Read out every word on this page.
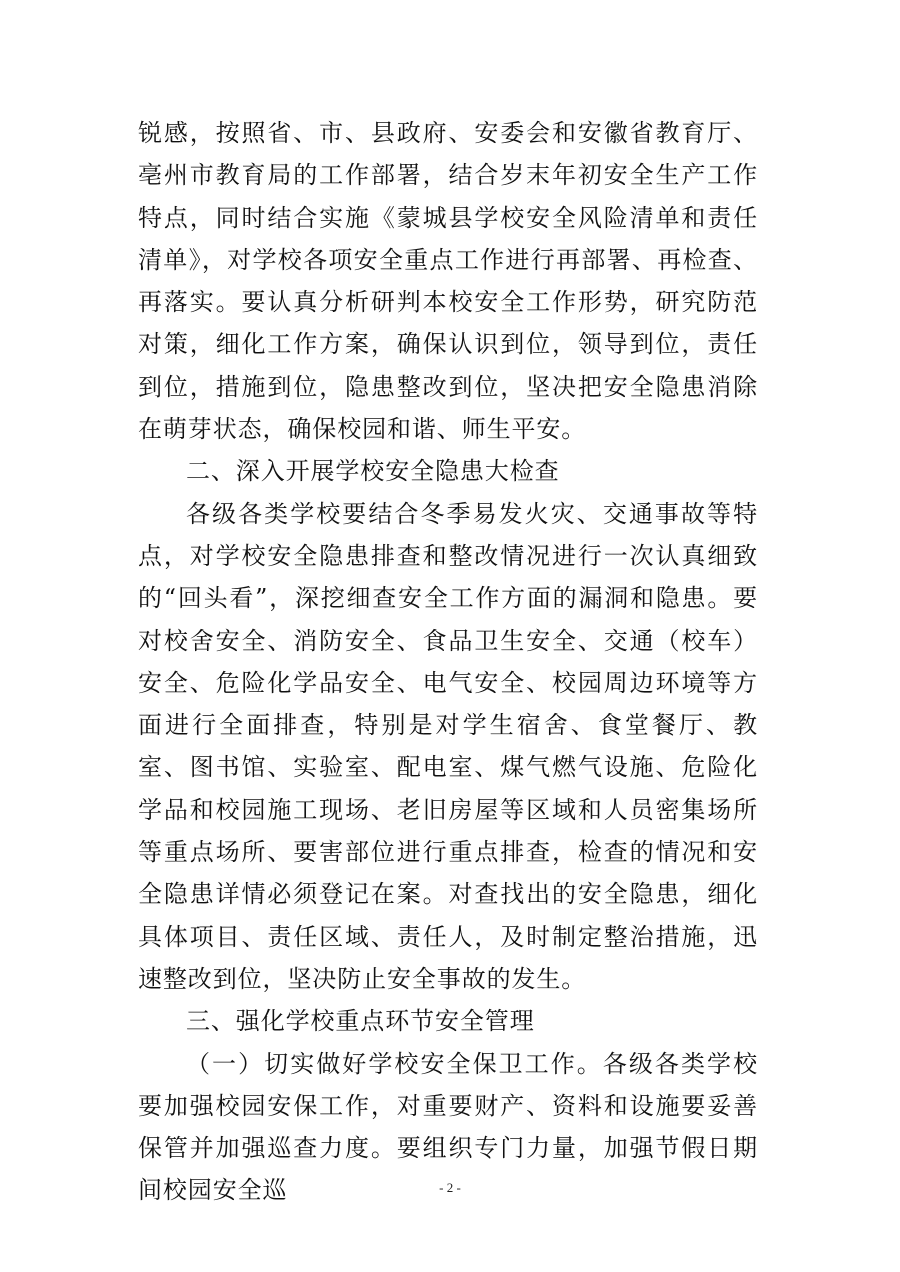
锐感，按照省、市、县政府、安委会和安徽省教育厅、亳州市教育局的工作部署，结合岁末年初安全生产工作特点，同时结合实施《蒙城县学校安全风险清单和责任清单》，对学校各项安全重点工作进行再部署、再检查、再落实。要认真分析研判本校安全工作形势，研究防范对策，细化工作方案，确保认识到位，领导到位，责任到位，措施到位，隐患整改到位，坚决把安全隐患消除在萌芽状态，确保校园和谐、师生平安。

二、深入开展学校安全隐患大检查

各级各类学校要结合冬季易发火灾、交通事故等特点，对学校安全隐患排查和整改情况进行一次认真细致的“回头看”，深挖细查安全工作方面的漏洞和隐患。要对校舍安全、消防安全、食品卫生安全、交通（校车）安全、危险化学品安全、电气安全、校园周边环境等方面进行全面排查，特别是对学生宿舍、食堂餐厅、教室、图书馆、实验室、配电室、煤气燃气设施、危险化学品和校园施工现场、老旧房屋等区域和人员密集场所等重点场所、要害部位进行重点排查，检查的情况和安全隐患详情必须登记在案。对查找出的安全隐患，细化具体项目、责任区域、责任人，及时制定整治措施，迅速整改到位，坚决防止安全事故的发生。

三、强化学校重点环节安全管理

（一）切实做好学校安全保卫工作。各级各类学校要加强校园安保工作，对重要财产、资料和设施要妥善保管并加强巡查力度。要组织专门力量，加强节假日期间校园安全巡	- 2 -
